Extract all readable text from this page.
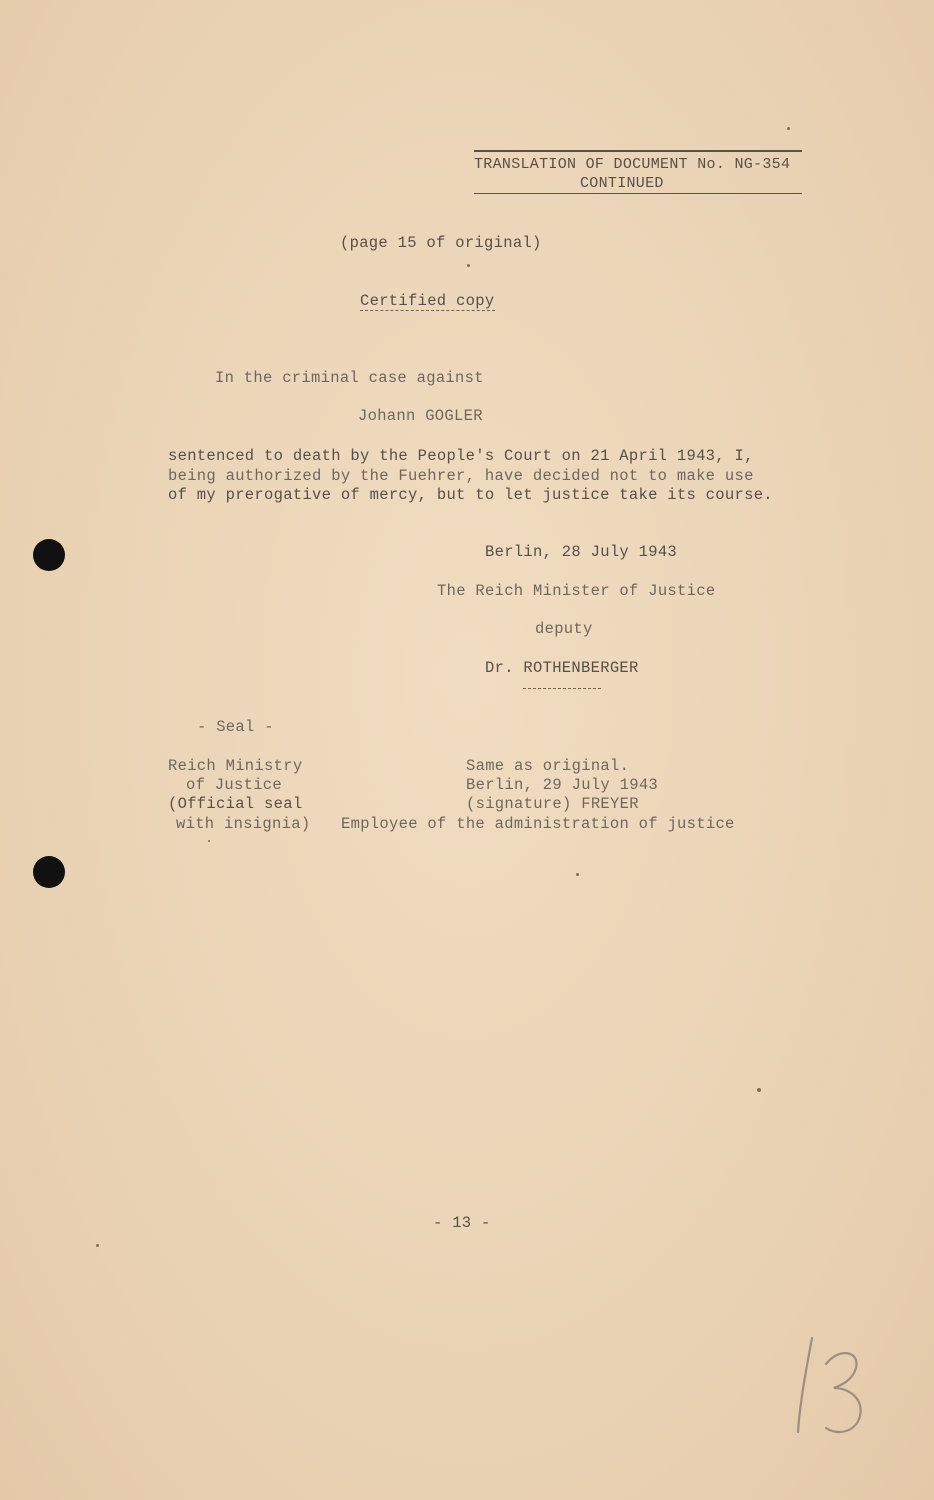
TRANSLATION OF DOCUMENT No. NG-354
CONTINUED
(page 15 of original)
Certified copy
In the criminal case against
Johann GOGLER
sentenced to death by the People's Court on 21 April 1943, I,
being authorized by the Fuehrer, have decided not to make use
of my prerogative of mercy, but to let justice take its course.
Berlin, 28 July 1943
The Reich Minister of Justice
deputy
Dr. ROTHENBERGER
- Seal -
Reich Ministry
of Justice
(Official seal
with insignia)
Same as original.
Berlin, 29 July 1943
(signature) FREYER
Employee of the administration of justice
- 13 -
